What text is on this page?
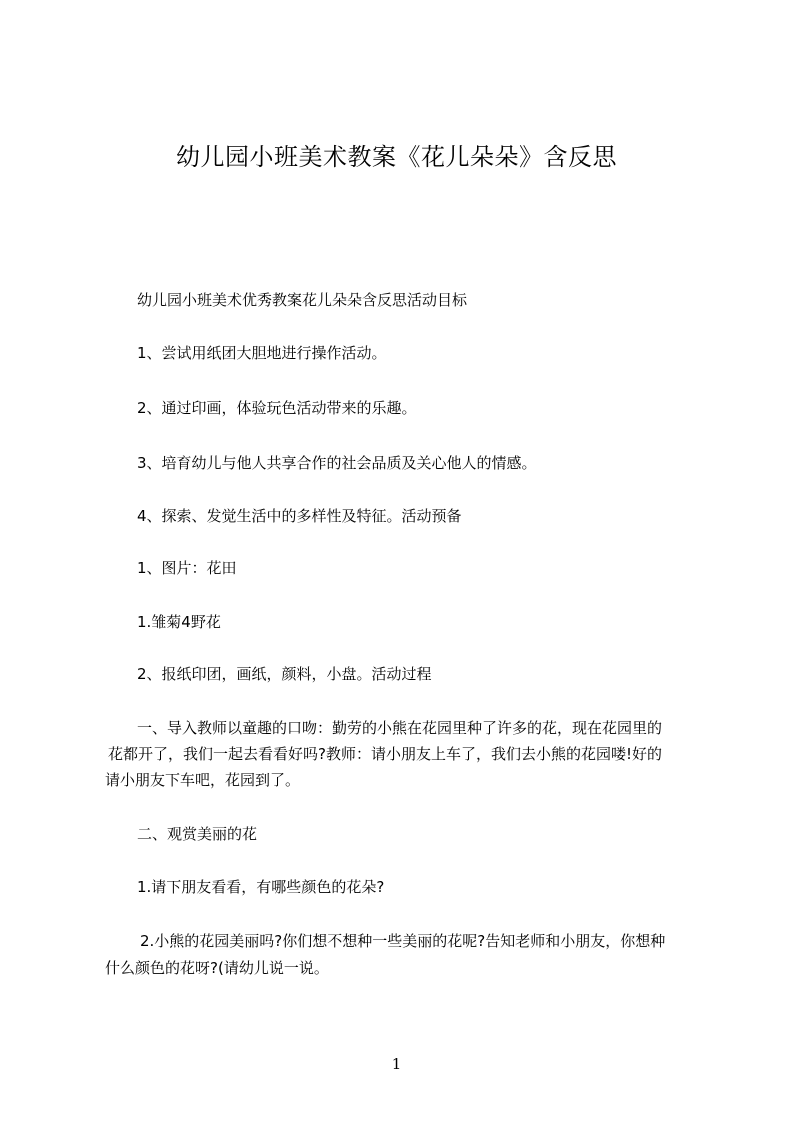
幼儿园小班美术教案《花儿朵朵》含反思

幼儿园小班美术优秀教案花儿朵朵含反思活动目标

1、尝试用纸团大胆地进行操作活动。

2、通过印画，体验玩色活动带来的乐趣。

3、培育幼儿与他人共享合作的社会品质及关心他人的情感。

4、探索、发觉生活中的多样性及特征。活动预备

1、图片：花田

1.雏菊4野花

2、报纸印团，画纸，颜料，小盘。活动过程

一、导入教师以童趣的口吻：勤劳的小熊在花园里种了许多的花，现在花园里的

花都开了，我们一起去看看好吗?教师：请小朋友上车了，我们去小熊的花园喽!好的

请小朋友下车吧，花园到了。

二、观赏美丽的花

1.请下朋友看看，有哪些颜色的花朵?

2.小熊的花园美丽吗?你们想不想种一些美丽的花呢?告知老师和小朋友，你想种

什么颜色的花呀?(请幼儿说一说。

1
